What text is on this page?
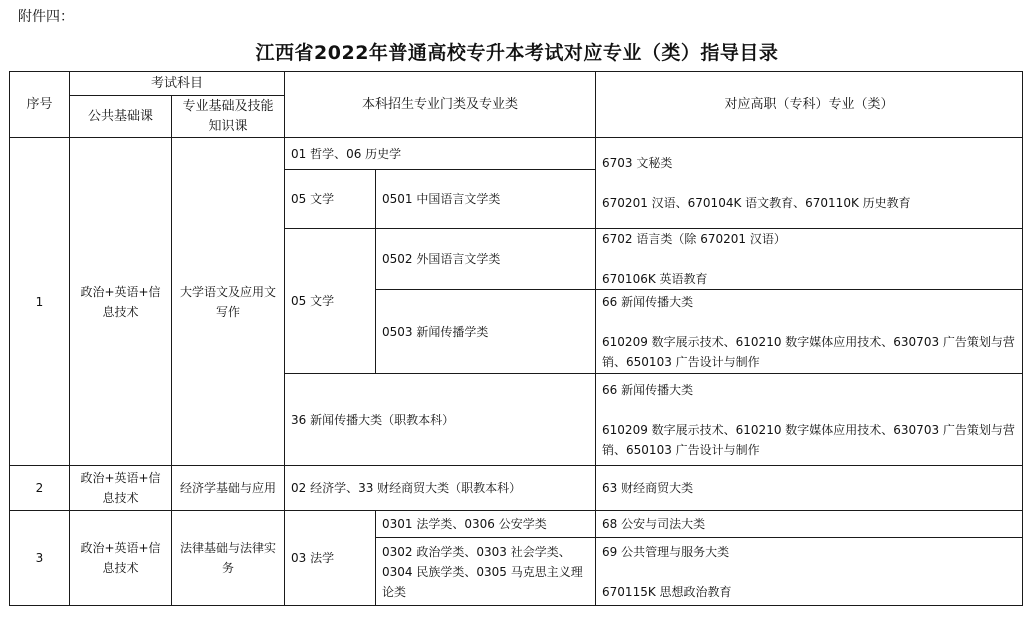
附件四：
江西省2022年普通高校专升本考试对应专业（类）指导目录
序号	考试科目		本科招生专业门类及专业类		对应高职（专科）专业（类）
	公共基础课	专业基础及技能知识课			
1	政治+英语+信息技术	大学语文及应用文写作	01 哲学、06 历史学		6703 文秘类
670201 汉语、670104K 语文教育、670110K 历史教育
			05 文学	0501 中国语言文学类	
			05 文学	0502 外国语言文学类	6702 语言类（除 670201 汉语）
670106K 英语教育
				0503 新闻传播学类	66 新闻传播大类
610209 数字展示技术、610210 数字媒体应用技术、630703 广告策划与营销、650103 广告设计与制作
			36 新闻传播大类（职教本科）		66 新闻传播大类
610209 数字展示技术、610210 数字媒体应用技术、630703 广告策划与营销、650103 广告设计与制作

2	政治+英语+信息技术	经济学基础与应用	02 经济学、33 财经商贸大类（职教本科）		63 财经商贸大类
3	政治+英语+信息技术	法律基础与法律实务	03 法学	0301 法学类、0306 公安学类	68 公安与司法大类
				0302 政治学类、0303 社会学类、0304 民族学类、0305 马克思主义理论类	69 公共管理与服务大类
670115K 思想政治教育
